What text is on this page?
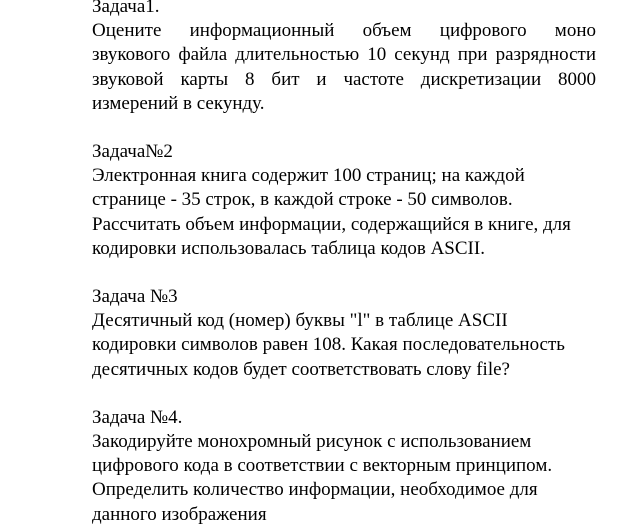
Задача1.
Оцените информационный объем цифрового моно
звукового файла длительностью 10 секунд при разрядности
звуковой карты 8 бит и частоте дискретизации 8000
измерений в секунду.
Задача№2
Электронная книга содержит 100 страниц; на каждой
странице - 35 строк, в каждой строке - 50 символов.
Рассчитать объем информации, содержащийся в книге, для
кодировки использовалась таблица кодов ASCII.
Задача №3
Десятичный код (номер) буквы "l" в таблице ASCII
кодировки символов равен 108. Какая последовательность
десятичных кодов будет соответствовать слову file?
Задача №4.
Закодируйте монохромный рисунок с использованием
цифрового кода в соответствии с векторным принципом.
Определить количество информации, необходимое для
данного изображения
